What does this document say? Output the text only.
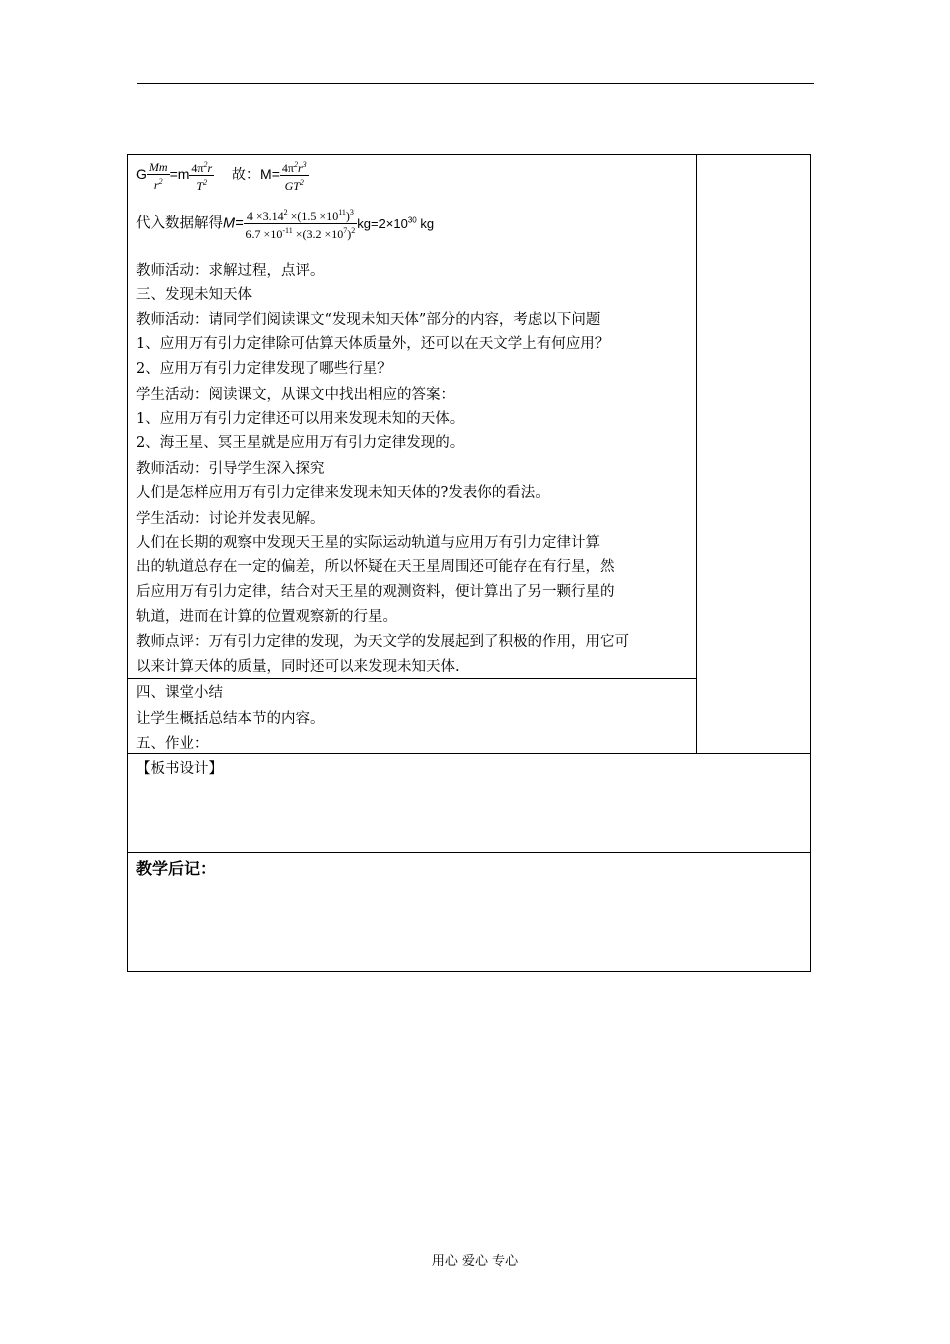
G $\frac{Mm}{r^2} =m \frac{4\pi^2r}{T^2}$ 故：$M= \frac{4\pi^2r^3}{GT^2}$
代入数据解得$M= \frac{4 \times 3.14^2 \times(1.5 \times 10^{11})^3}{6.7 \times 10^{-11} \times(3.2 \times 10^7)^2} kg=2\times 10^{30}$ kg
教师活动：求解过程，点评。
三、发现未知天体
教师活动：请同学们阅读课文“发现未知天体”部分的内容，考虑以下问题
1、应用万有引力定律除可估算天体质量外，还可以在天文学上有何应用？
2、应用万有引力定律发现了哪些行星？
学生活动：阅读课文，从课文中找出相应的答案：
1、应用万有引力定律还可以用来发现未知的天体。
2、海王星、冥王星就是应用万有引力定律发现的。
教师活动：引导学生深入探究
人们是怎样应用万有引力定律来发现未知天体的?发表你的看法。
学生活动：讨论并发表见解。
人们在长期的观察中发现天王星的实际运动轨道与应用万有引力定律计算
出的轨道总存在一定的偏差，所以怀疑在天王星周围还可能存在有行星，然
后应用万有引力定律，结合对天王星的观测资料，便计算出了另一颗行星的
轨道，进而在计算的位置观察新的行星。
教师点评：万有引力定律的发现，为天文学的发展起到了积极的作用，用它可
以来计算天体的质量，同时还可以来发现未知天体.
四、课堂小结
让学生概括总结本节的内容。
五、作业：
【板书设计】
教学后记：
用心 爱心 专心
